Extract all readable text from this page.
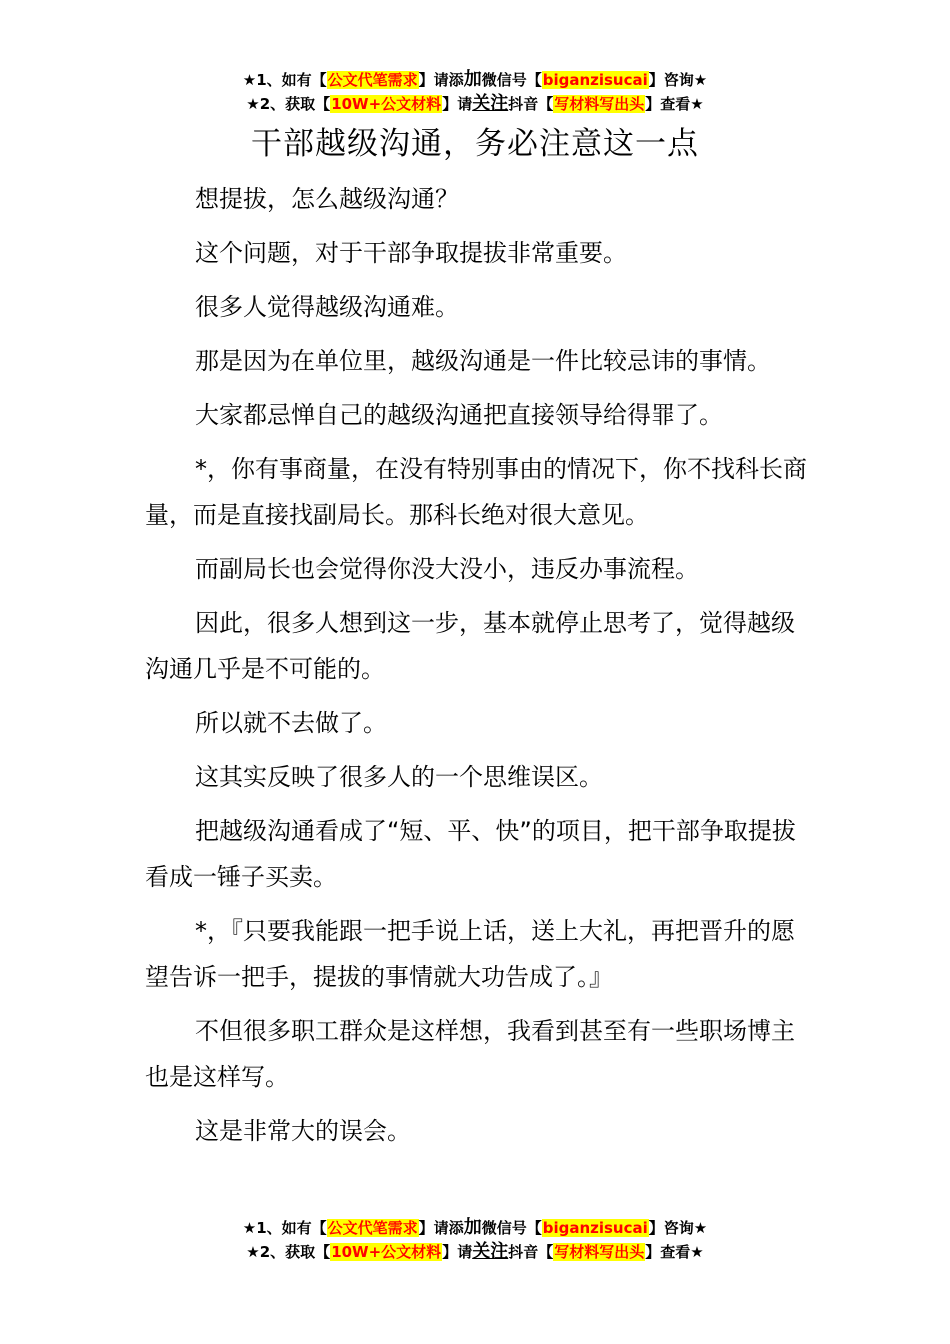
★1、如有【公文代笔需求】请添加微信号【biganzisucai】咨询★
★2、获取【10W+公文材料】请关注抖音【写材料写出头】查看★
干部越级沟通，务必注意这一点

想提拔，怎么越级沟通？

这个问题，对于干部争取提拔非常重要。

很多人觉得越级沟通难。

那是因为在单位里，越级沟通是一件比较忌讳的事情。

大家都忌惮自己的越级沟通把直接领导给得罪了。

*，你有事商量，在没有特别事由的情况下，你不找科长商量，而是直接找副局长。那科长绝对很大意见。

而副局长也会觉得你没大没小，违反办事流程。

因此，很多人想到这一步，基本就停止思考了，觉得越级沟通几乎是不可能的。

所以就不去做了。

这其实反映了很多人的一个思维误区。

把越级沟通看成了“短、平、快”的项目，把干部争取提拔看成一锤子买卖。

*，『只要我能跟一把手说上话，送上大礼，再把晋升的愿望告诉一把手，提拔的事情就大功告成了。』

不但很多职工群众是这样想，我看到甚至有一些职场博主也是这样写。

这是非常大的误会。

★1、如有【公文代笔需求】请添加微信号【biganzisucai】咨询★
★2、获取【10W+公文材料】请关注抖音【写材料写出头】查看★
